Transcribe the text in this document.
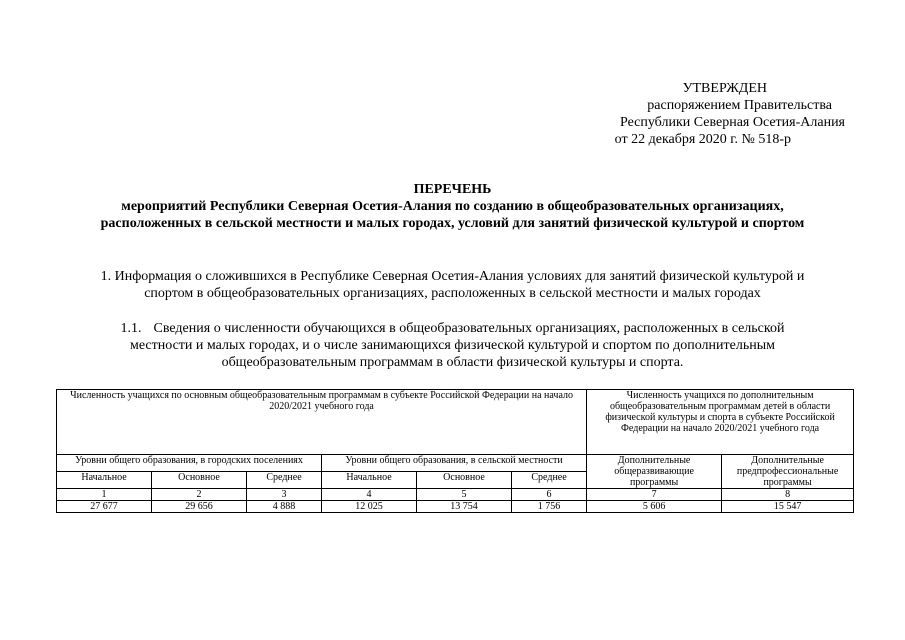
УТВЕРЖДЕН
распоряжением Правительства
Республики Северная Осетия-Алания
от 22 декабря 2020 г. № 518-р
ПЕРЕЧЕНЬ
мероприятий Республики Северная Осетия-Алания по созданию в общеобразовательных организациях,
расположенных в сельской местности и малых городах, условий для занятий физической культурой и спортом
1. Информация о сложившихся в Республике Северная Осетия-Алания условиях для занятий физической культурой и
спортом в общеобразовательных организациях, расположенных в сельской местности и малых городах
1.1. Сведения о численности обучающихся в общеобразовательных организациях, расположенных в сельской
местности и малых городах, и о числе занимающихся физической культурой и спортом по дополнительным
общеобразовательным программам в области физической культуры и спорта.
Численность учащихся по основным общеобразовательным программам в субъекте Российской Федерации на начало 2020/2021 учебного года						Численность учащихся по дополнительным общеобразовательным программам детей в области физической культуры и спорта в субъекте Российской Федерации на начало 2020/2021 учебного года	
Уровни общего образования, в городских поселениях			Уровни общего образования, в сельской местности			Дополнительные общеразвивающие программы	Дополнительные предпрофессиональные программы
Начальное	Основное	Среднее	Начальное	Основное	Среднее		
1	2	3	4	5	6	7	8
27 677	29 656	4 888	12 025	13 754	1 756	5 606	15 547
